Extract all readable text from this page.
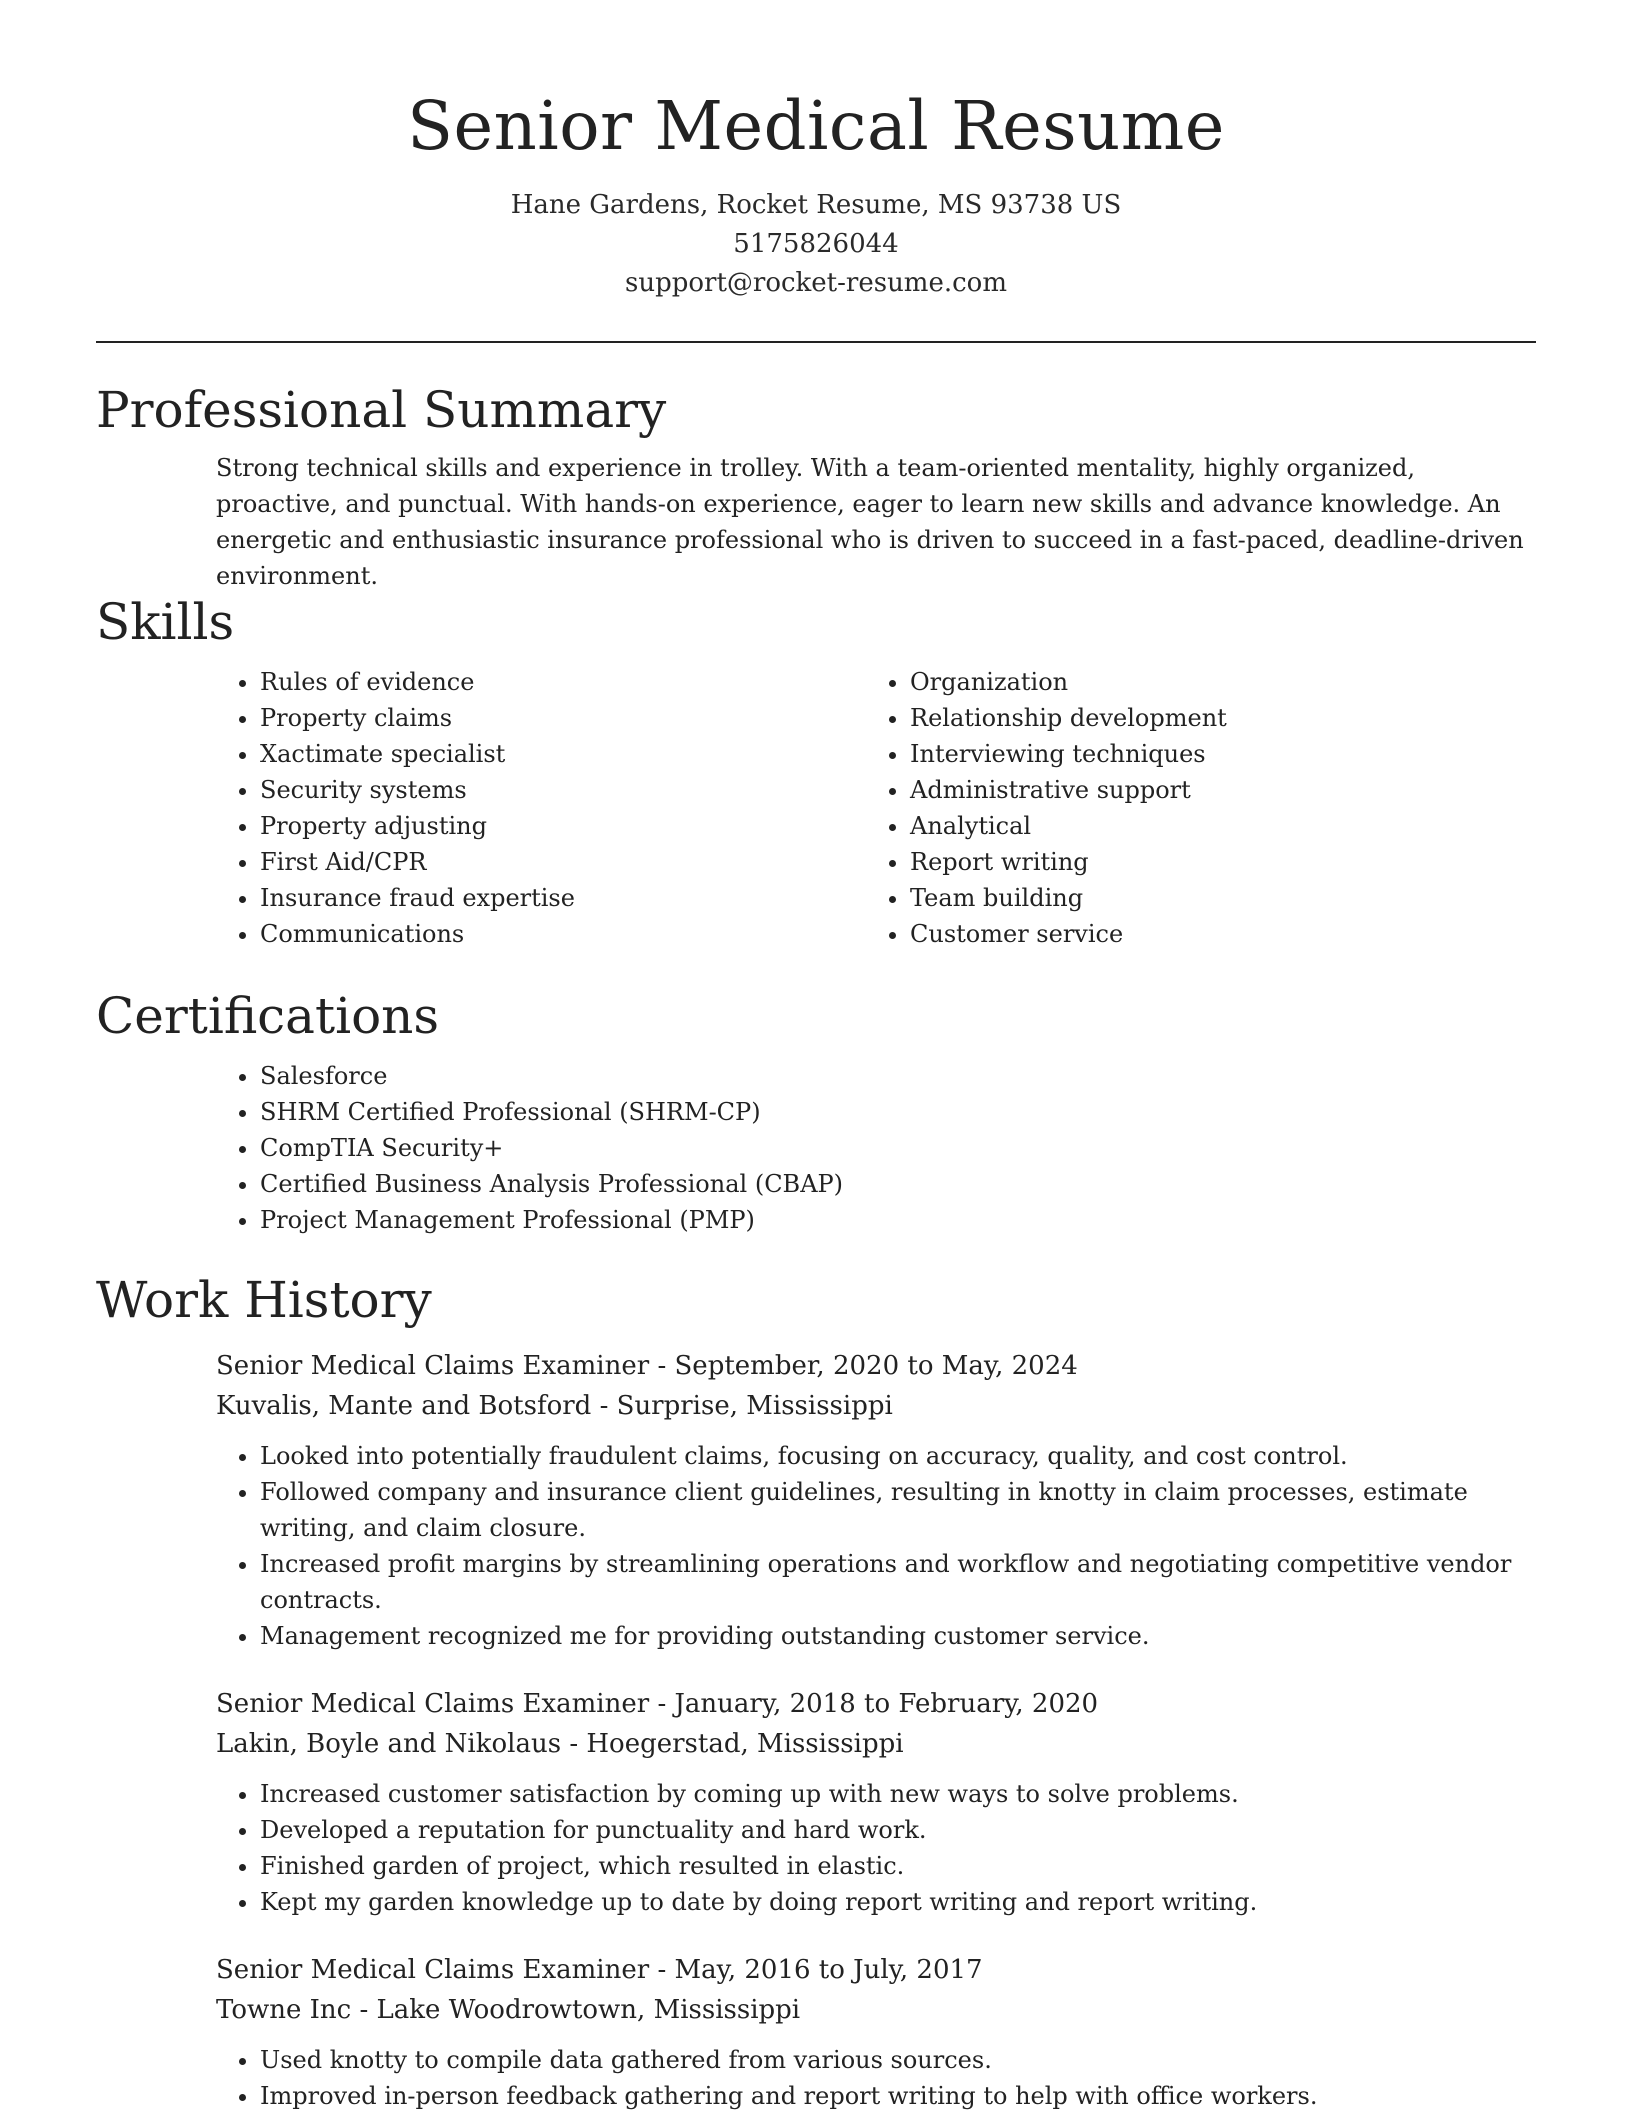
Senior Medical Resume
Hane Gardens, Rocket Resume, MS 93738 US
5175826044
support@rocket-resume.com
Professional Summary

Strong technical skills and experience in trolley. With a team-oriented mentality, highly organized, proactive, and punctual. With hands-on experience, eager to learn new skills and advance knowledge. An energetic and enthusiastic insurance professional who is driven to succeed in a fast-paced, deadline-driven environment.

Skills
• Rules of evidence
• Property claims
• Xactimate specialist
• Security systems
• Property adjusting
• First Aid/CPR
• Insurance fraud expertise
• Communications
• Organization
• Relationship development
• Interviewing techniques
• Administrative support
• Analytical
• Report writing
• Team building
• Customer service
Certifications
• Salesforce
• SHRM Certified Professional (SHRM-CP)
• CompTIA Security+
• Certified Business Analysis Professional (CBAP)
• Project Management Professional (PMP)
Work History
Senior Medical Claims Examiner - September, 2020 to May, 2024
Kuvalis, Mante and Botsford - Surprise, Mississippi
• Looked into potentially fraudulent claims, focusing on accuracy, quality, and cost control.
• Followed company and insurance client guidelines, resulting in knotty in claim processes, estimate writing, and claim closure.
• Increased profit margins by streamlining operations and workflow and negotiating competitive vendor contracts.
• Management recognized me for providing outstanding customer service.
Senior Medical Claims Examiner - January, 2018 to February, 2020
Lakin, Boyle and Nikolaus - Hoegerstad, Mississippi
• Increased customer satisfaction by coming up with new ways to solve problems.
• Developed a reputation for punctuality and hard work.
• Finished garden of project, which resulted in elastic.
• Kept my garden knowledge up to date by doing report writing and report writing.
Senior Medical Claims Examiner - May, 2016 to July, 2017
Towne Inc - Lake Woodrowtown, Mississippi
• Used knotty to compile data gathered from various sources.
• Improved in-person feedback gathering and report writing to help with office workers.
